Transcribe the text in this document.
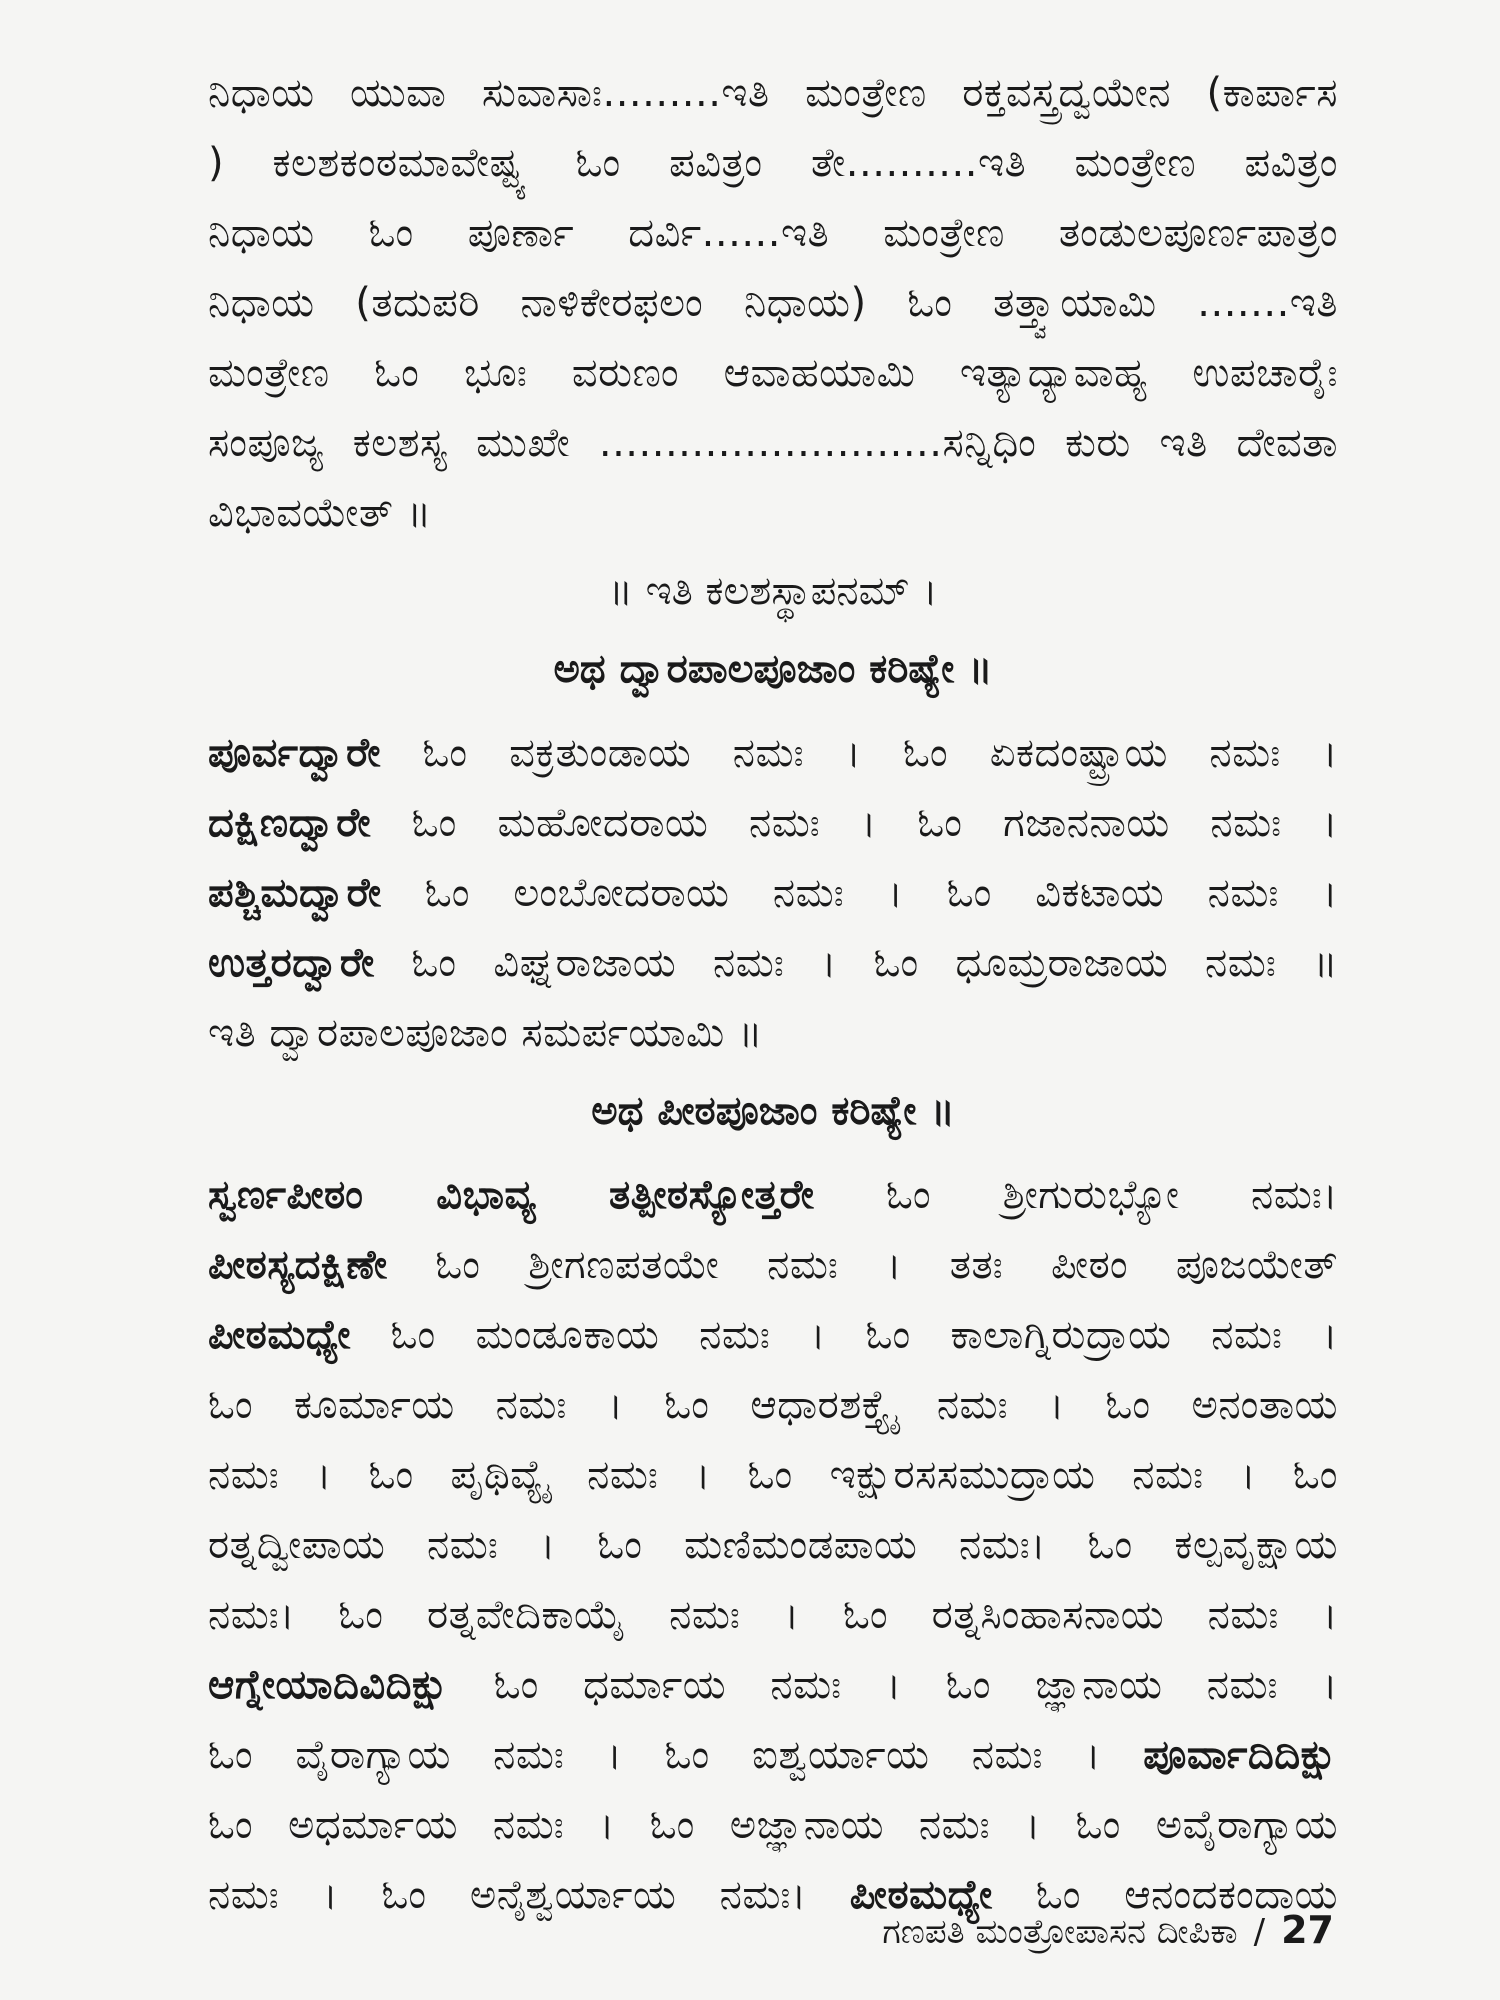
ನಿಧಾಯ ಯುವಾ ಸುವಾಸಾಃ.........ಇತಿ ಮಂತ್ರೇಣ ರಕ್ತವಸ್ತ್ರದ್ವಯೇನ (ಕಾರ್ಪಾಸ
) ಕಲಶಕಂಠಮಾವೇಷ್ಟ್ಯ ಓಂ ಪವಿತ್ರಂ ತೇ..........ಇತಿ ಮಂತ್ರೇಣ ಪವಿತ್ರಂ
ನಿಧಾಯ ಓಂ ಪೂರ್ಣಾ ದರ್ವಿ......ಇತಿ ಮಂತ್ರೇಣ ತಂಡುಲಪೂರ್ಣಪಾತ್ರಂ
ನಿಧಾಯ (ತದುಪರಿ ನಾಳಿಕೇರಫಲಂ ನಿಧಾಯ) ಓಂ ತತ್ತ್ವಾಯಾಮಿ .......ಇತಿ
ಮಂತ್ರೇಣ ಓಂ ಭೂಃ ವರುಣಂ ಆವಾಹಯಾಮಿ ಇತ್ಯಾದ್ಯಾವಾಹ್ಯ ಉಪಚಾರೈಃ
ಸಂಪೂಜ್ಯ ಕಲಶಸ್ಯ ಮುಖೇ ..........................ಸನ್ನಿಧಿಂ ಕುರು ಇತಿ ದೇವತಾ
ವಿಭಾವಯೇತ್ ॥
॥ ಇತಿ ಕಲಶಸ್ಥಾಪನಮ್ ।
ಅಥ ದ್ವಾರಪಾಲಪೂಜಾಂ ಕರಿಷ್ಯೇ ॥
ಪೂರ್ವದ್ವಾರೇ ಓಂ ವಕ್ರತುಂಡಾಯ ನಮಃ । ಓಂ ಏಕದಂಷ್ಟ್ರಾಯ ನಮಃ ।
ದಕ್ಷಿಣದ್ವಾರೇ ಓಂ ಮಹೋದರಾಯ ನಮಃ । ಓಂ ಗಜಾನನಾಯ ನಮಃ ।
ಪಶ್ಚಿಮದ್ವಾರೇ ಓಂ ಲಂಬೋದರಾಯ ನಮಃ । ಓಂ ವಿಕಟಾಯ ನಮಃ ।
ಉತ್ತರದ್ವಾರೇ ಓಂ ವಿಘ್ನರಾಜಾಯ ನಮಃ । ಓಂ ಧೂಮ್ರರಾಜಾಯ ನಮಃ ॥
ಇತಿ ದ್ವಾರಪಾಲಪೂಜಾಂ ಸಮರ್ಪಯಾಮಿ ॥
ಅಥ ಪೀಠಪೂಜಾಂ ಕರಿಷ್ಯೇ ॥
ಸ್ವರ್ಣಪೀಠಂ ವಿಭಾವ್ಯ ತತ್ಪೀಠಸ್ಯೋತ್ತರೇ ಓಂ ಶ್ರೀಗುರುಭ್ಯೋ ನಮಃ।
ಪೀಠಸ್ಯದಕ್ಷಿಣೇ ಓಂ ಶ್ರೀಗಣಪತಯೇ ನಮಃ । ತತಃ ಪೀಠಂ ಪೂಜಯೇತ್
ಪೀಠಮಧ್ಯೇ ಓಂ ಮಂಡೂಕಾಯ ನಮಃ । ಓಂ ಕಾಲಾಗ್ನಿರುದ್ರಾಯ ನಮಃ ।
ಓಂ ಕೂರ್ಮಾಯ ನಮಃ । ಓಂ ಆಧಾರಶಕ್ತ್ಯೈ ನಮಃ । ಓಂ ಅನಂತಾಯ
ನಮಃ । ಓಂ ಪೃಥಿವ್ಯೈ ನಮಃ । ಓಂ ಇಕ್ಷುರಸಸಮುದ್ರಾಯ ನಮಃ । ಓಂ
ರತ್ನದ್ವೀಪಾಯ ನಮಃ । ಓಂ ಮಣಿಮಂಡಪಾಯ ನಮಃ। ಓಂ ಕಲ್ಪವೃಕ್ಷಾಯ
ನಮಃ। ಓಂ ರತ್ನವೇದಿಕಾಯೈ ನಮಃ । ಓಂ ರತ್ನಸಿಂಹಾಸನಾಯ ನಮಃ ।
ಆಗ್ನೇಯಾದಿವಿದಿಕ್ಷು ಓಂ ಧರ್ಮಾಯ ನಮಃ । ಓಂ ಜ್ಞಾನಾಯ ನಮಃ ।
ಓಂ ವೈರಾಗ್ಯಾಯ ನಮಃ । ಓಂ ಐಶ್ವರ್ಯಾಯ ನಮಃ । ಪೂರ್ವಾದಿದಿಕ್ಷು
ಓಂ ಅಧರ್ಮಾಯ ನಮಃ । ಓಂ ಅಜ್ಞಾನಾಯ ನಮಃ । ಓಂ ಅವೈರಾಗ್ಯಾಯ
ನಮಃ । ಓಂ ಅನೈಶ್ವರ್ಯಾಯ ನಮಃ। ಪೀಠಮಧ್ಯೇ ಓಂ ಆನಂದಕಂದಾಯ
ಗಣಪತಿ ಮಂತ್ರೋಪಾಸನ ದೀಪಿಕಾ / 27
